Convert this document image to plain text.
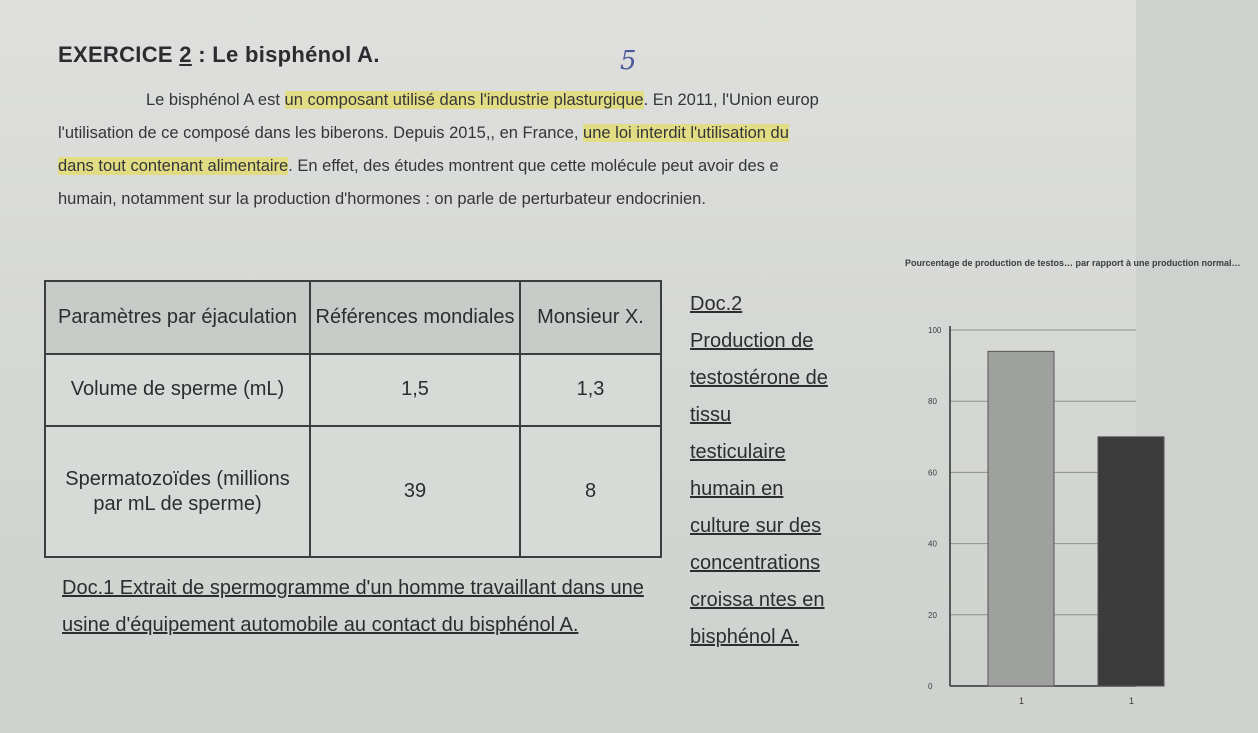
EXERCICE 2 : Le bisphénol A.	5

Le bisphénol A est un composant utilisé dans l'industrie plasturgique. En 2011, l'Union europ

l'utilisation de ce composé dans les biberons. Depuis 2015,, en France, une loi interdit l'utilisation du

dans tout contenant alimentaire. En effet, des études montrent que cette molécule peut avoir des e

humain, notamment sur la production d'hormones : on parle de perturbateur endocrinien.

Paramètres par éjaculation	Références mondiales	Monsieur X.
Volume de sperme (mL)	1,5	1,3
Spermatozoïdes (millions par mL de sperme)	39	8
Doc.1 Extrait de spermogramme d'un homme travaillant dans une usine d'équipement automobile au contact du bisphénol A.
Doc.2
Production de
testostérone de
tissu
testiculaire
humain en
culture sur des
concentrations
croissa ntes en
bisphénol A.
Pourcentage de production de testos… par rapport à une production normal…
0
20
40
60
80
100
1	1
